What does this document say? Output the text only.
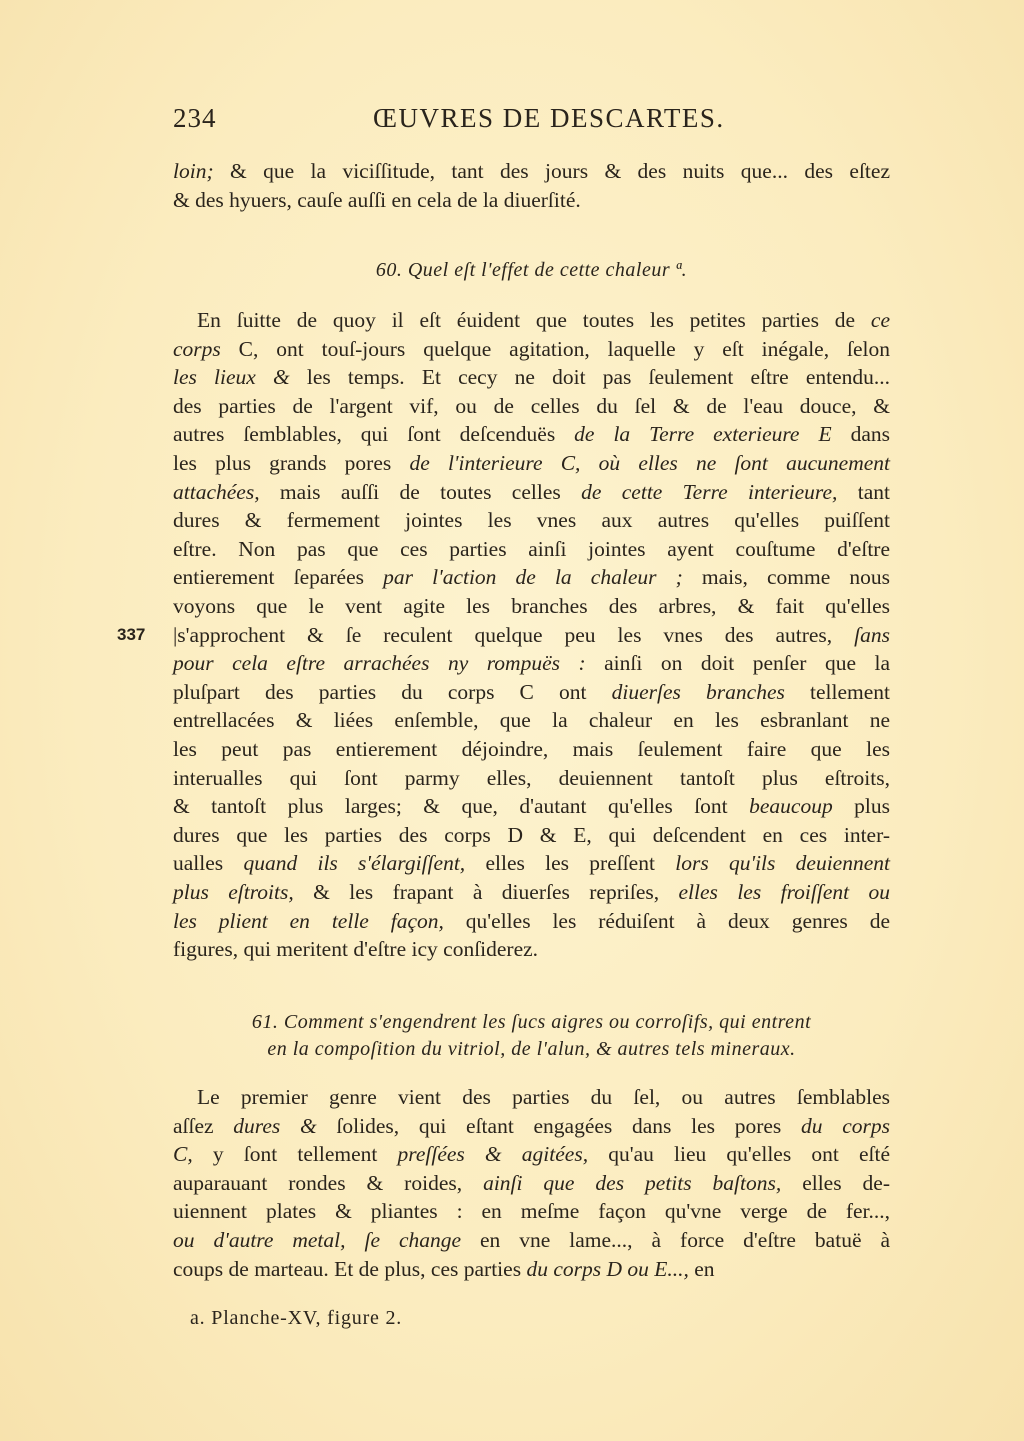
234	ŒUVRES DE DESCARTES.
loin; & que la viciſſitude, tant des jours & des nuits que... des eſtez
& des hyuers, cauſe auſſi en cela de la diuerſité.
60. Quel eſt l'effet de cette chaleur ª.
En ſuitte de quoy il eſt éuident que toutes les petites parties de ce
corps C, ont touſ-jours quelque agitation, laquelle y eſt inégale, ſelon
les lieux & les temps. Et cecy ne doit pas ſeulement eſtre entendu...
des parties de l'argent vif, ou de celles du ſel & de l'eau douce, &
autres ſemblables, qui ſont deſcenduës de la Terre exterieure E dans
les plus grands pores de l'interieure C, où elles ne ſont aucunement
attachées, mais auſſi de toutes celles de cette Terre interieure, tant
dures & fermement jointes les vnes aux autres qu'elles puiſſent
eſtre. Non pas que ces parties ainſi jointes ayent couſtume d'eſtre
entierement ſeparées par l'action de la chaleur ; mais, comme nous
voyons que le vent agite les branches des arbres, & fait qu'elles
|s'approchent & ſe reculent quelque peu les vnes des autres, ſans
pour cela eſtre arrachées ny rompuës : ainſi on doit penſer que la
pluſpart des parties du corps C ont diuerſes branches tellement
entrellacées & liées enſemble, que la chaleur en les esbranlant ne
les peut pas entierement déjoindre, mais ſeulement faire que les
interualles qui ſont parmy elles, deuiennent tantoſt plus eſtroits,
& tantoſt plus larges; & que, d'autant qu'elles ſont beaucoup plus
dures que les parties des corps D & E, qui deſcendent en ces inter-
ualles quand ils s'élargiſſent, elles les preſſent lors qu'ils deuiennent
plus eſtroits, & les frapant à diuerſes repriſes, elles les froiſſent ou
les plient en telle façon, qu'elles les réduiſent à deux genres de
figures, qui meritent d'eſtre icy conſiderez.
337
61. Comment s'engendrent les ſucs aigres ou corroſifs, qui entrent
en la compoſition du vitriol, de l'alun, & autres tels mineraux.
Le premier genre vient des parties du ſel, ou autres ſemblables
aſſez dures & ſolides, qui eſtant engagées dans les pores du corps
C, y ſont tellement preſſées & agitées, qu'au lieu qu'elles ont eſté
auparauant rondes & roides, ainſi que des petits baſtons, elles de-
uiennent plates & pliantes : en meſme façon qu'vne verge de fer...,
ou d'autre metal, ſe change en vne lame..., à force d'eſtre batuë à
coups de marteau. Et de plus, ces parties du corps D ou E..., en
a. Planche-XV, figure 2.
